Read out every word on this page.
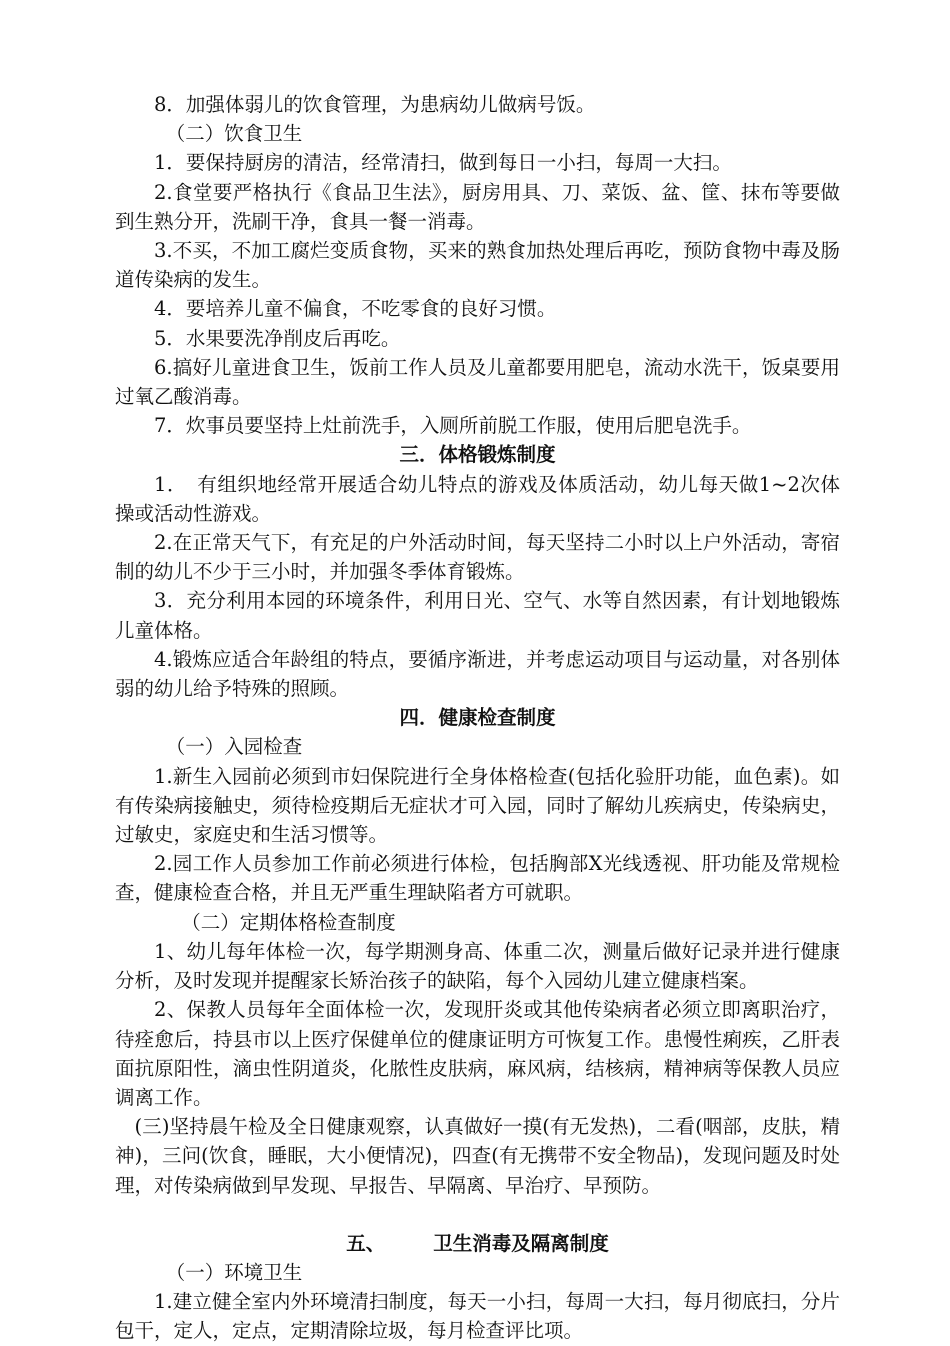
8．加强体弱儿的饮食管理，为患病幼儿做病号饭。

（二）饮食卫生

1．要保持厨房的清洁，经常清扫，做到每日一小扫，每周一大扫。

2.食堂要严格执行《食品卫生法》，厨房用具、刀、菜饭、盆、筐、抹布等要做到生熟分开，洗刷干净，食具一餐一消毒。

3.不买，不加工腐烂变质食物，买来的熟食加热处理后再吃，预防食物中毒及肠道传染病的发生。

4．要培养儿童不偏食，不吃零食的良好习惯。

5．水果要洗净削皮后再吃。

6.搞好儿童进食卫生，饭前工作人员及儿童都要用肥皂，流动水洗干，饭桌要用过氧乙酸消毒。

7．炊事员要坚持上灶前洗手，入厕所前脱工作服，使用后肥皂洗手。

三．体格锻炼制度

1．　有组织地经常开展适合幼儿特点的游戏及体质活动，幼儿每天做1~2次体操或活动性游戏。

2.在正常天气下，有充足的户外活动时间，每天坚持二小时以上户外活动，寄宿制的幼儿不少于三小时，并加强冬季体育锻炼。

3．充分利用本园的环境条件，利用日光、空气、水等自然因素，有计划地锻炼儿童体格。

4.锻炼应适合年龄组的特点，要循序渐进，并考虑运动项目与运动量，对各别体弱的幼儿给予特殊的照顾。

四．健康检查制度

（一）入园检查

1.新生入园前必须到市妇保院进行全身体格检查(包括化验肝功能，血色素)。如有传染病接触史，须待检疫期后无症状才可入园，同时了解幼儿疾病史，传染病史，过敏史，家庭史和生活习惯等。

2.园工作人员参加工作前必须进行体检，包括胸部X光线透视、肝功能及常规检查，健康检查合格，并且无严重生理缺陷者方可就职。

（二）定期体格检查制度

1、幼儿每年体检一次，每学期测身高、体重二次，测量后做好记录并进行健康分析，及时发现并提醒家长矫治孩子的缺陷，每个入园幼儿建立健康档案。

2、保教人员每年全面体检一次，发现肝炎或其他传染病者必须立即离职治疗，待痊愈后，持县市以上医疗保健单位的健康证明方可恢复工作。患慢性痢疾，乙肝表面抗原阳性，滴虫性阴道炎，化脓性皮肤病，麻风病，结核病，精神病等保教人员应调离工作。

(三)坚持晨午检及全日健康观察，认真做好一摸(有无发热)，二看(咽部，皮肤，精神)，三问(饮食，睡眠，大小便情况)，四查(有无携带不安全物品)，发现问题及时处理，对传染病做到早发现、早报告、早隔离、早治疗、早预防。

五、 卫生消毒及隔离制度

（一）环境卫生

1.建立健全室内外环境清扫制度，每天一小扫，每周一大扫，每月彻底扫，分片包干，定人，定点，定期清除垃圾，每月检查评比项。
